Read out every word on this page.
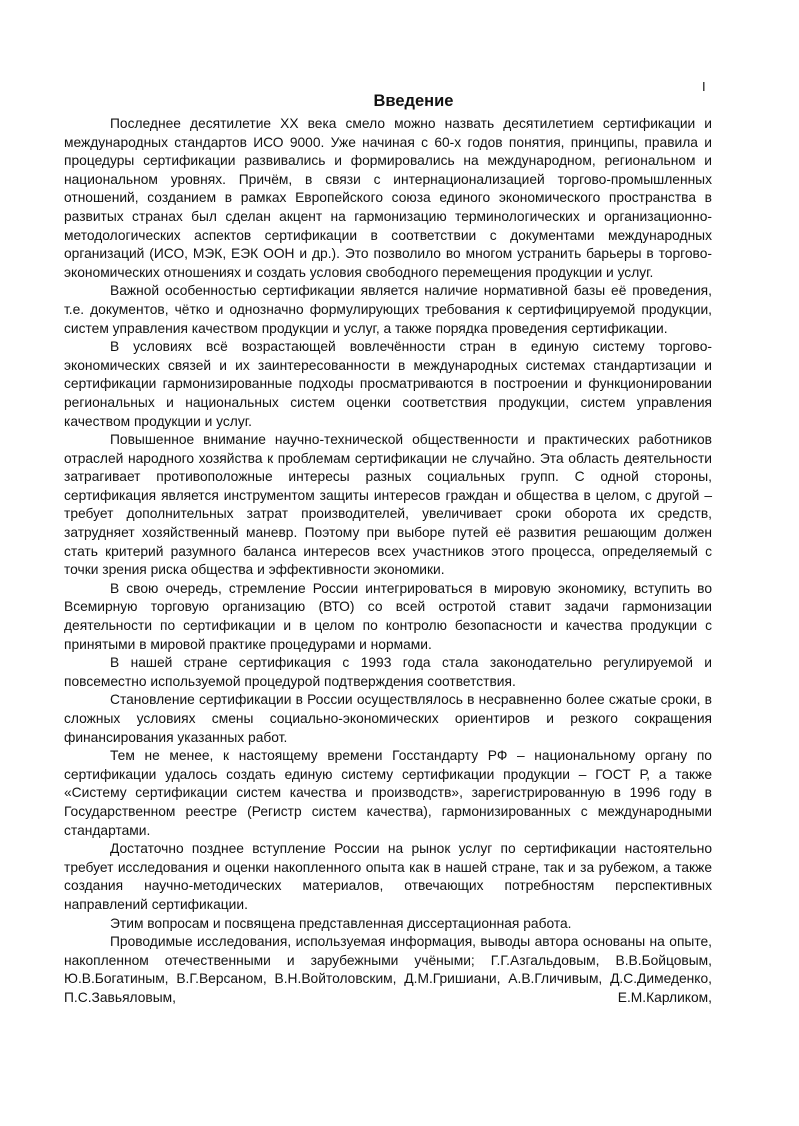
I
Введение

Последнее десятилетие XX века смело можно назвать десятилетием сертификации и международных стандартов ИСО 9000. Уже начиная с 60-х годов понятия, принципы, правила и процедуры сертификации развивались и формировались на международном, региональном и национальном уровнях. Причём, в связи с интернационализацией торгово-промышленных отношений, созданием в рамках Европейского союза единого экономического пространства в развитых странах был сделан акцент на гармонизацию терминологических и организационно-методологических аспектов сертификации в соответствии с документами международных организаций (ИСО, МЭК, ЕЭК ООН и др.). Это позволило во многом устранить барьеры в торгово-экономических отношениях и создать условия свободного перемещения продукции и услуг.

Важной особенностью сертификации является наличие нормативной базы её проведения, т.е. документов, чётко и однозначно формулирующих требования к сертифицируемой продукции, систем управления качеством продукции и услуг, а также порядка проведения сертификации.

В условиях всё возрастающей вовлечённости стран в единую систему торгово-экономических связей и их заинтересованности в международных системах стандартизации и сертификации гармонизированные подходы просматриваются в построении и функционировании региональных и национальных систем оценки соответствия продукции, систем управления качеством продукции и услуг.

Повышенное внимание научно-технической общественности и практических работников отраслей народного хозяйства к проблемам сертификации не случайно. Эта область деятельности затрагивает противоположные интересы разных социальных групп. С одной стороны, сертификация является инструментом защиты интересов граждан и общества в целом, с другой – требует дополнительных затрат производителей, увеличивает сроки оборота их средств, затрудняет хозяйственный маневр. Поэтому при выборе путей её развития решающим должен стать критерий разумного баланса интересов всех участников этого процесса, определяемый с точки зрения риска общества и эффективности экономики.

В свою очередь, стремление России интегрироваться в мировую экономику, вступить во Всемирную торговую организацию (ВТО) со всей остротой ставит задачи гармонизации деятельности по сертификации и в целом по контролю безопасности и качества продукции с принятыми в мировой практике процедурами и нормами.

В нашей стране сертификация с 1993 года стала законодательно регулируемой и повсеместно используемой процедурой подтверждения соответствия.

Становление сертификации в России осуществлялось в несравненно более сжатые сроки, в сложных условиях смены социально-экономических ориентиров и резкого сокращения финансирования указанных работ.

Тем не менее, к настоящему времени Госстандарту РФ – национальному органу по сертификации удалось создать единую систему сертификации продукции – ГОСТ Р, а также «Систему сертификации систем качества и производств», зарегистрированную в 1996 году в Государственном реестре (Регистр систем качества), гармонизированных с международными стандартами.

Достаточно позднее вступление России на рынок услуг по сертификации настоятельно требует исследования и оценки накопленного опыта как в нашей стране, так и за рубежом, а также создания научно-методических материалов, отвечающих потребностям перспективных направлений сертификации.

Этим вопросам и посвящена представленная диссертационная работа.

Проводимые исследования, используемая информация, выводы автора основаны на опыте, накопленном отечественными и зарубежными учёными; Г.Г.Азгальдовым, В.В.Бойцовым, Ю.В.Богатиным, В.Г.Версаном, В.Н.Войтоловским, Д.М.Гришиани, А.В.Гличивым, Д.С.Димеденко, П.С.Завьяловым, Е.М.Карликом,
